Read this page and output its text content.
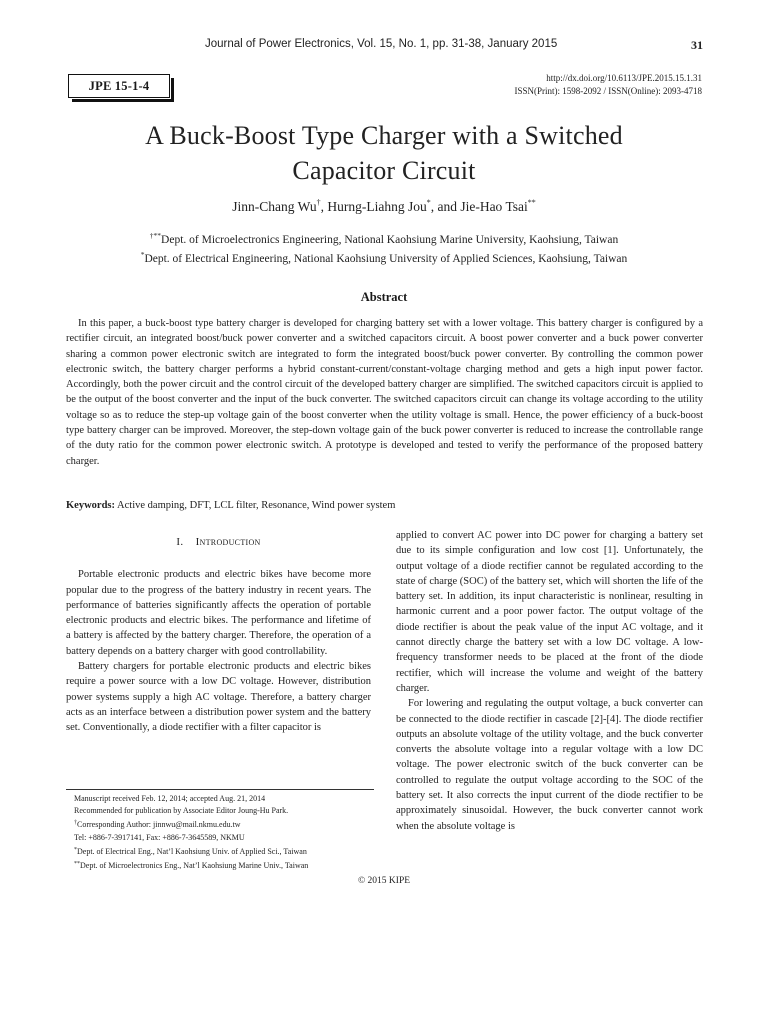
Journal of Power Electronics, Vol. 15, No. 1, pp. 31-38, January 2015	31
JPE 15-1-4
http://dx.doi.org/10.6113/JPE.2015.15.1.31
ISSN(Print): 1598-2092 / ISSN(Online): 2093-4718
A Buck-Boost Type Charger with a Switched
Capacitor Circuit
Jinn-Chang Wu†, Hurng-Liahng Jou*, and Jie-Hao Tsai**
†**Dept. of Microelectronics Engineering, National Kaohsiung Marine University, Kaohsiung, Taiwan
*Dept. of Electrical Engineering, National Kaohsiung University of Applied Sciences, Kaohsiung, Taiwan
Abstract
In this paper, a buck-boost type battery charger is developed for charging battery set with a lower voltage. This battery charger is configured by a rectifier circuit, an integrated boost/buck power converter and a switched capacitors circuit. A boost power converter and a buck power converter sharing a common power electronic switch are integrated to form the integrated boost/buck power converter. By controlling the common power electronic switch, the battery charger performs a hybrid constant-current/constant-voltage charging method and gets a high input power factor. Accordingly, both the power circuit and the control circuit of the developed battery charger are simplified. The switched capacitors circuit is applied to be the output of the boost converter and the input of the buck converter. The switched capacitors circuit can change its voltage according to the utility voltage so as to reduce the step-up voltage gain of the boost converter when the utility voltage is small. Hence, the power efficiency of a buck-boost type battery charger can be improved. Moreover, the step-down voltage gain of the buck power converter is reduced to increase the controllable range of the duty ratio for the common power electronic switch. A prototype is developed and tested to verify the performance of the proposed battery charger.
Keywords: Active damping, DFT, LCL filter, Resonance, Wind power system
I. Introduction

Portable electronic products and electric bikes have become more popular due to the progress of the battery industry in recent years. The performance of batteries significantly affects the operation of portable electronic products and electric bikes. The performance and lifetime of a battery is affected by the battery charger. Therefore, the operation of a battery depends on a battery charger with good controllability.

Battery chargers for portable electronic products and electric bikes require a power source with a low DC voltage. However, distribution power systems supply a high AC voltage. Therefore, a battery charger acts as an interface between a distribution power system and the battery set. Conventionally, a diode rectifier with a filter capacitor is

applied to convert AC power into DC power for charging a battery set due to its simple configuration and low cost [1]. Unfortunately, the output voltage of a diode rectifier cannot be regulated according to the state of charge (SOC) of the battery set, which will shorten the life of the battery set. In addition, its input characteristic is nonlinear, resulting in harmonic current and a poor power factor. The output voltage of the diode rectifier is about the peak value of the input AC voltage, and it cannot directly charge the battery set with a low DC voltage. A low-frequency transformer needs to be placed at the front of the diode rectifier, which will increase the volume and weight of the battery charger.

For lowering and regulating the output voltage, a buck converter can be connected to the diode rectifier in cascade [2]-[4]. The diode rectifier outputs an absolute voltage of the utility voltage, and the buck converter converts the absolute voltage into a regular voltage with a low DC voltage. The power electronic switch of the buck converter can be controlled to regulate the output voltage according to the SOC of the battery set. It also corrects the input current of the diode rectifier to be approximately sinusoidal. However, the buck converter cannot work when the absolute voltage is

Manuscript received Feb. 12, 2014; accepted Aug. 21, 2014
Recommended for publication by Associate Editor Joung-Hu Park.
†Corresponding Author: jinnwu@mail.nkmu.edu.tw
Tel: +886-7-3917141, Fax: +886-7-3645589, NKMU
*Dept. of Electrical Eng., Nat’l Kaohsiung Univ. of Applied Sci., Taiwan
**Dept. of Microelectronics Eng., Nat’l Kaohsiung Marine Univ., Taiwan
© 2015 KIPE
